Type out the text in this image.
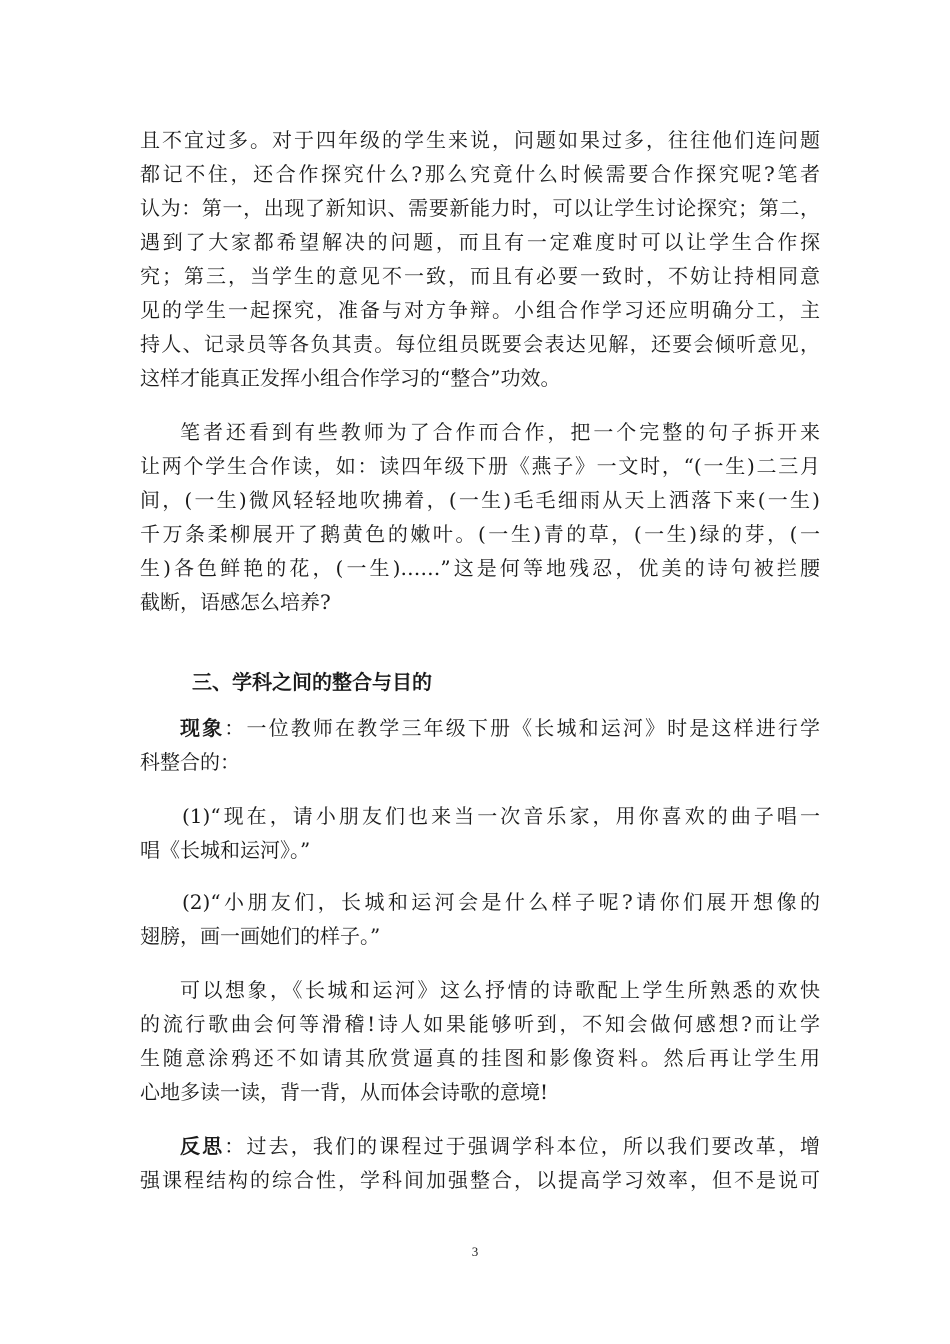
且不宜过多。对于四年级的学生来说，问题如果过多，往往他们连问题
都记不住，还合作探究什么?那么究竟什么时候需要合作探究呢?笔者
认为：第一，出现了新知识、需要新能力时，可以让学生讨论探究；第二，
遇到了大家都希望解决的问题，而且有一定难度时可以让学生合作探
究；第三，当学生的意见不一致，而且有必要一致时，不妨让持相同意
见的学生一起探究，准备与对方争辩。小组合作学习还应明确分工，主
持人、记录员等各负其责。每位组员既要会表达见解，还要会倾听意见，
这样才能真正发挥小组合作学习的“整合”功效。
笔者还看到有些教师为了合作而合作，把一个完整的句子拆开来
让两个学生合作读，如：读四年级下册《燕子》一文时，“(一生)二三月
间，(一生)微风轻轻地吹拂着，(一生)毛毛细雨从天上洒落下来(一生)
千万条柔柳展开了鹅黄色的嫩叶。(一生)青的草，(一生)绿的芽，(一
生)各色鲜艳的花，(一生)……”这是何等地残忍，优美的诗句被拦腰
截断，语感怎么培养?
三、学科之间的整合与目的
现象：一位教师在教学三年级下册《长城和运河》时是这样进行学
科整合的：
(1)“现在，请小朋友们也来当一次音乐家，用你喜欢的曲子唱一
唱《长城和运河》。”
(2)“小朋友们，长城和运河会是什么样子呢?请你们展开想像的
翅膀，画一画她们的样子。”
可以想象，《长城和运河》这么抒情的诗歌配上学生所熟悉的欢快
的流行歌曲会何等滑稽!诗人如果能够听到，不知会做何感想?而让学
生随意涂鸦还不如请其欣赏逼真的挂图和影像资料。然后再让学生用
心地多读一读，背一背，从而体会诗歌的意境!
反思：过去，我们的课程过于强调学科本位，所以我们要改革，增
强课程结构的综合性，学科间加强整合，以提高学习效率，但不是说可
3
